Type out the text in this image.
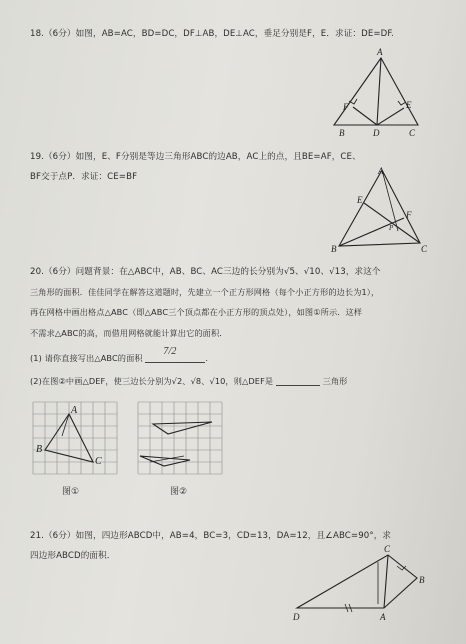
18.（6分）如图，AB=AC，BD=DC，DF⊥AB，DE⊥AC，垂足分别是F，E．求证：DE=DF.
A
B	C
D
E
F
19.（6分）如图，E、F分别是等边三角形ABC的边AB，AC上的点，且BE=AF，CE、
BF交于点P．求证：CE=BF
A
B	C
E
F
P
20.（6分）问题背景：在△ABC中，AB、BC、AC三边的长分别为√5、√10、√13，求这个
三角形的面积．佳佳同学在解答这道题时，先建立一个正方形网格（每个小正方形的边长为1），
再在网格中画出格点△ABC（即△ABC三个顶点都在小正方形的顶点处），如图①所示．这样
不需求△ABC的高，而借用网格就能计算出它的面积．
(1) 请你直接写出△ABC的面积
7/2
.
(2)在图②中画△DEF，使三边长分别为√2、√8、√10，则△DEF是	三角形
A
B
C
图①	图②
21.（6分）如图，四边形ABCD中，AB=4，BC=3，CD=13，DA=12，且∠ABC=90°，求
四边形ABCD的面积．
C
B
A
D
